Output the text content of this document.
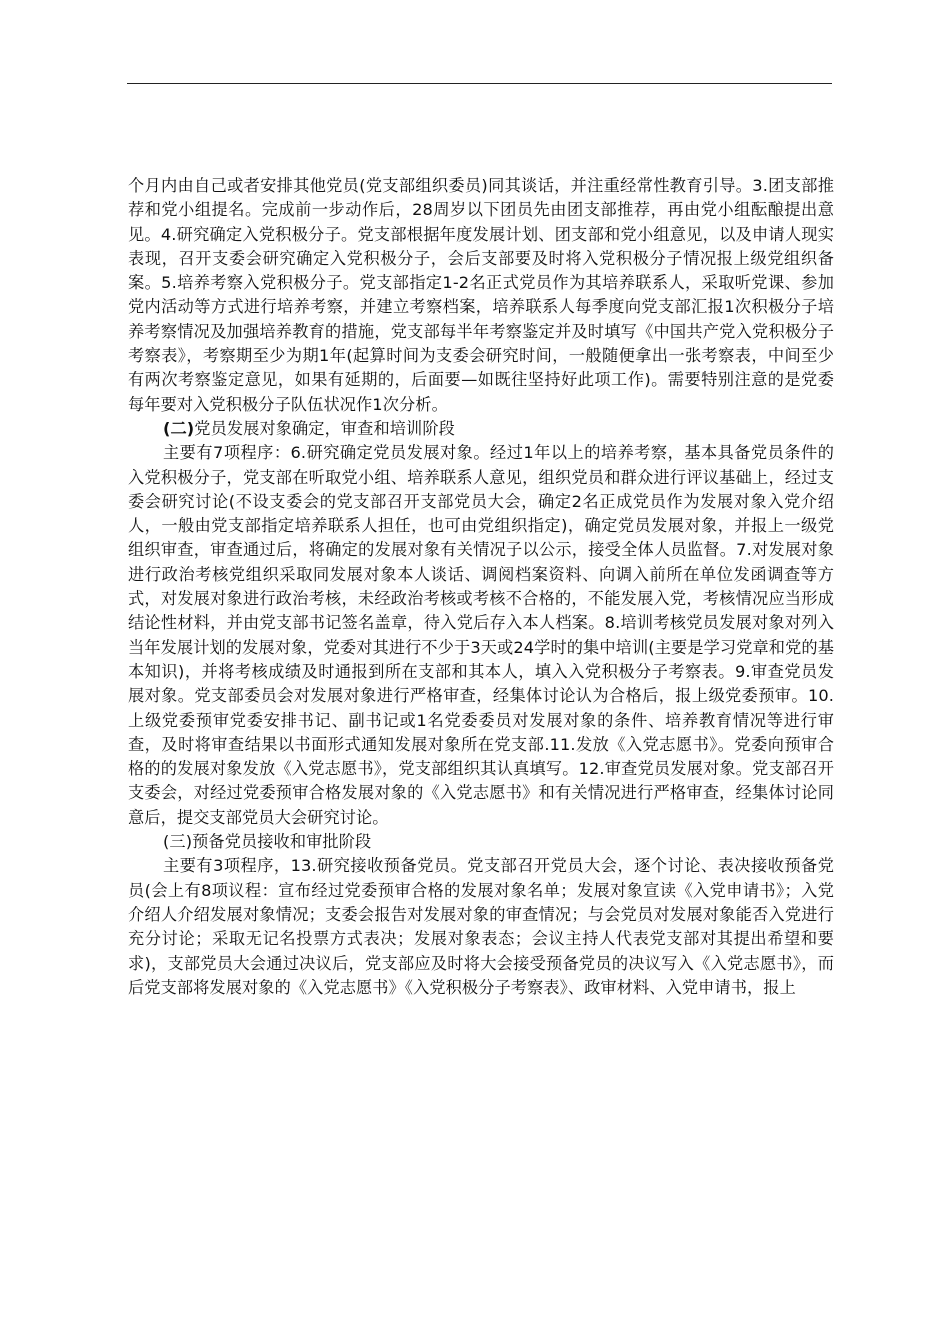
个月内由自己或者安排其他党员(党支部组织委员)同其谈话，并注重经常性教育引导。3.团支部推荐和党小组提名。完成前一步动作后，28周岁以下团员先由团支部推荐，再由党小组酝酿提出意见。4.研究确定入党积极分子。党支部根据年度发展计划、团支部和党小组意见，以及申请人现实表现，召开支委会研究确定入党积极分子，会后支部要及时将入党积极分子情况报上级党组织备案。5.培养考察入党积极分子。党支部指定1-2名正式党员作为其培养联系人，采取听党课、参加党内活动等方式进行培养考察，并建立考察档案，培养联系人每季度向党支部汇报1次积极分子培养考察情况及加强培养教育的措施，党支部每半年考察鉴定并及时填写《中国共产党入党积极分子考察表》，考察期至少为期1年(起算时间为支委会研究时间，一般随便拿出一张考察表，中间至少有两次考察鉴定意见，如果有延期的，后面要—如既往坚持好此项工作)。需要特别注意的是党委每年要对入党积极分子队伍状况作1次分析。

(二)党员发展对象确定，审查和培训阶段

主要有7项程序：6.研究确定党员发展对象。经过1年以上的培养考察，基本具备党员条件的入党积极分子，党支部在听取党小组、培养联系人意见，组织党员和群众进行评议基础上，经过支委会研究讨论(不设支委会的党支部召开支部党员大会，确定2名正成党员作为发展对象入党介绍人，一般由党支部指定培养联系人担任，也可由党组织指定)，确定党员发展对象，并报上一级党组织审查，审查通过后，将确定的发展对象有关情况子以公示，接受全体人员监督。7.对发展对象进行政治考核党组织采取同发展对象本人谈话、调阅档案资料、向调入前所在单位发函调查等方式，对发展对象进行政治考核，未经政治考核或考核不合格的，不能发展入党，考核情况应当形成结论性材料，并由党支部书记签名盖章，待入党后存入本人档案。8.培训考核党员发展对象对列入当年发展计划的发展对象，党委对其进行不少于3天或24学时的集中培训(主要是学习党章和党的基本知识)，并将考核成绩及时通报到所在支部和其本人，填入入党积极分子考察表。9.审查党员发展对象。党支部委员会对发展对象进行严格审查，经集体讨论认为合格后，报上级党委预审。10.上级党委预审党委安排书记、副书记或1名党委委员对发展对象的条件、培养教育情况等进行审查，及时将审查结果以书面形式通知发展对象所在党支部.11.发放《入党志愿书》。党委向预审合格的的发展对象发放《入党志愿书》，党支部组织其认真填写。12.审查党员发展对象。党支部召开支委会，对经过党委预审合格发展对象的《入党志愿书》和有关情况进行严格审查，经集体讨论同意后，提交支部党员大会研究讨论。

(三)预备党员接收和审批阶段

主要有3项程序，13.研究接收预备党员。党支部召开党员大会，逐个讨论、表决接收预备党员(会上有8项议程：宣布经过党委预审合格的发展对象名单；发展对象宣读《入党申请书》；入党介绍人介绍发展对象情况；支委会报告对发展对象的审查情况；与会党员对发展对象能否入党进行充分讨论；采取无记名投票方式表决；发展对象表态；会议主持人代表党支部对其提出希望和要求)，支部党员大会通过决议后，党支部应及时将大会接受预备党员的决议写入《入党志愿书》，而后党支部将发展对象的《入党志愿书》《入党积极分子考察表》、政审材料、入党申请书，报上
